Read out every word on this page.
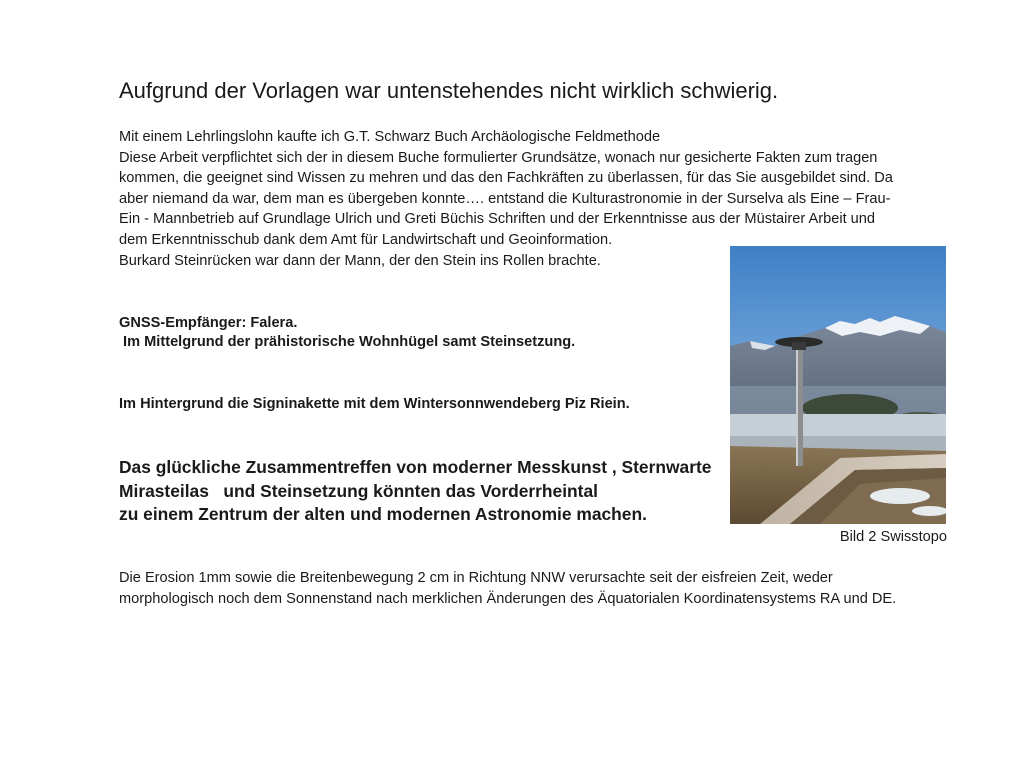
Aufgrund der Vorlagen war untenstehendes nicht wirklich schwierig.
Mit einem Lehrlingslohn kaufte ich G.T. Schwarz Buch Archäologische Feldmethode
Diese Arbeit verpflichtet sich der in diesem Buche formulierter Grundsätze, wonach nur gesicherte Fakten zum tragen
kommen, die geeignet sind Wissen zu mehren und das den Fachkräften zu überlassen, für das Sie ausgebildet sind. Da
aber niemand da war, dem man es übergeben konnte…. entstand die Kulturastronomie in der Surselva als Eine – Frau-
Ein - Mannbetrieb auf Grundlage Ulrich und Greti Büchis Schriften und der Erkenntnisse aus der Müstairer Arbeit und
dem Erkenntnisschub dank dem Amt für Landwirtschaft und Geoinformation.
Burkard Steinrücken war dann der Mann, der den Stein ins Rollen brachte.
GNSS-Empfänger: Falera.
Im Mittelgrund der prähistorische Wohnhügel samt Steinsetzung.
Im Hintergrund die Signinakette mit dem Wintersonnwendeberg Piz Riein.
Das glückliche Zusammentreffen von moderner Messkunst , Sternwarte
Mirasteilas   und Steinsetzung könnten das Vorderrheintal
zu einem Zentrum der alten und modernen Astronomie machen.
Bild 2 Swisstopo
Die Erosion 1mm sowie die Breitenbewegung 2 cm in Richtung NNW verursachte seit der eisfreien Zeit, weder
morphologisch noch dem Sonnenstand nach merklichen Änderungen des Äquatorialen Koordinatensystems RA und DE.
